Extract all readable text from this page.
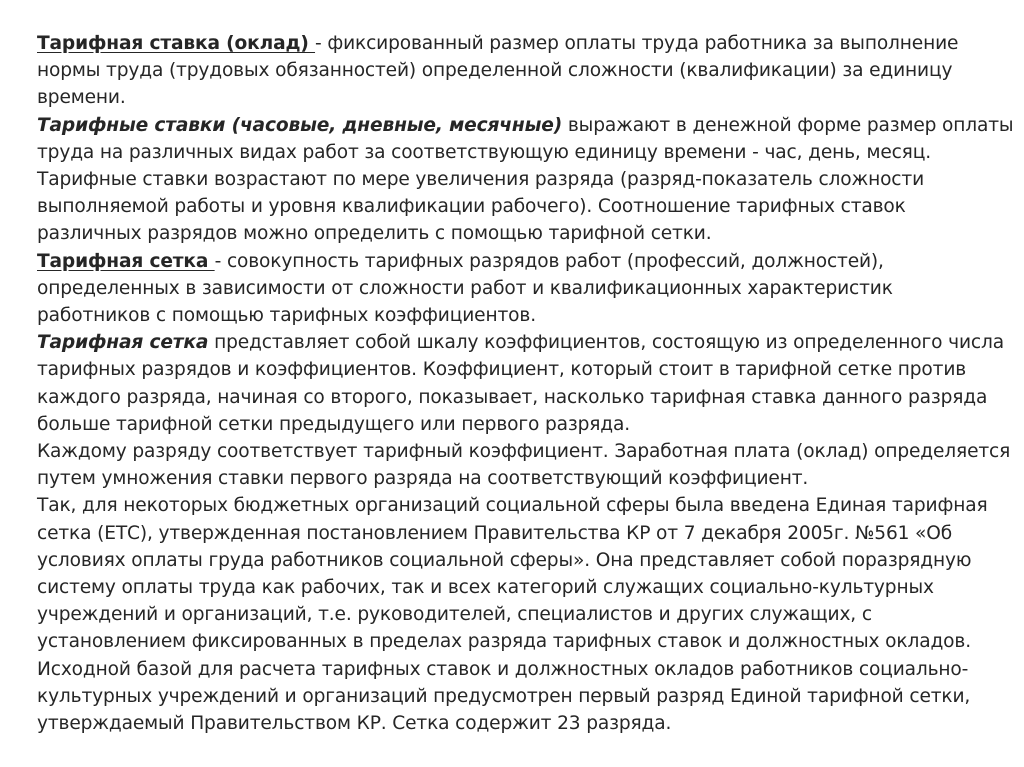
Тарифная ставка (оклад) - фиксированный размер оплаты труда работника за выполнение

нормы труда (трудовых обязанностей) определенной сложности (квалификации) за единицу

времени.

Тарифные ставки (часовые, дневные, месячные) выражают в денежной форме размер оплаты

труда на различных видах работ за соответствующую единицу времени - час, день, месяц.

Тарифные ставки возрастают по мере увеличения разряда (разряд-показатель сложности

выполняемой работы и уровня квалификации рабочего). Соотношение тарифных ставок

различных разрядов можно определить с помощью тарифной сетки.

Тарифная сетка - совокупность тарифных разрядов работ (профессий, должностей),

определенных в зависимости от сложности работ и квалификационных характеристик

работников с помощью тарифных коэффициентов.

Тарифная сетка представляет собой шкалу коэффициентов, состоящую из определенного числа

тарифных разрядов и коэффициентов. Коэффициент, который стоит в тарифной сетке против

каждого разряда, начиная со второго, показывает, насколько тарифная ставка данного разряда

больше тарифной сетки предыдущего или первого разряда.

Каждому разряду соответствует тарифный коэффициент. Заработная плата (оклад) определяется

путем умножения ставки первого разряда на соответствующий коэффициент.

Так, для некоторых бюджетных организаций социальной сферы была введена Единая тарифная

сетка (ЕТС), утвержденная постановлением Правительства КР от 7 декабря 2005г. №561 «Об

условиях оплаты груда работников социальной сферы». Она представляет собой поразрядную

систему оплаты труда как рабочих, так и всех категорий служащих социально-культурных

учреждений и организаций, т.е. руководителей, специалистов и других служащих, с

установлением фиксированных в пределах разряда тарифных ставок и должностных окладов.

Исходной базой для расчета тарифных ставок и должностных окладов работников социально-

культурных учреждений и организаций предусмотрен первый разряд Единой тарифной сетки,

утверждаемый Правительством КР. Сетка содержит 23 разряда.
